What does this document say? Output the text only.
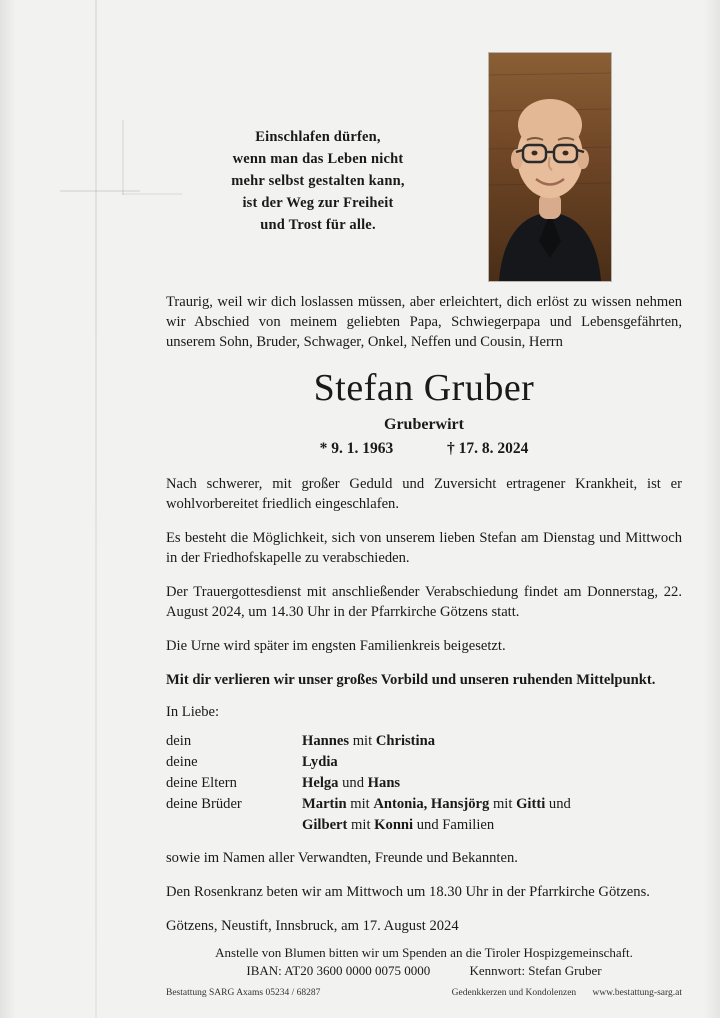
Einschlafen dürfen,
wenn man das Leben nicht
mehr selbst gestalten kann,
ist der Weg zur Freiheit
und Trost für alle.

Traurig, weil wir dich loslassen müssen, aber erleichtert, dich erlöst zu wissen nehmen wir Abschied von meinem geliebten Papa, Schwiegerpapa und Lebensgefährten, unserem Sohn, Bruder, Schwager, Onkel, Neffen und Cousin, Herrn

Stefan Gruber
Gruberwirt
* 9. 1. 1963	† 17. 8. 2024

Nach schwerer, mit großer Geduld und Zuversicht ertragener Krankheit, ist er wohlvorbereitet friedlich eingeschlafen.

Es besteht die Möglichkeit, sich von unserem lieben Stefan am Dienstag und Mittwoch in der Friedhofskapelle zu verabschieden.

Der Trauergottesdienst mit anschließender Verabschiedung findet am Donnerstag, 22. August 2024, um 14.30 Uhr in der Pfarrkirche Götzens statt.

Die Urne wird später im engsten Familienkreis beigesetzt.

Mit dir verlieren wir unser großes Vorbild und unseren ruhenden Mittelpunkt.

In Liebe:

dein	Hannes mit Christina
deine	Lydia
deine Eltern	Helga und Hans
deine Brüder	Martin mit Antonia, Hansjörg mit Gitti und
	Gilbert mit Konni und Familien

sowie im Namen aller Verwandten, Freunde und Bekannten.

Den Rosenkranz beten wir am Mittwoch um 18.30 Uhr in der Pfarrkirche Götzens.

Götzens, Neustift, Innsbruck, am 17. August 2024

Anstelle von Blumen bitten wir um Spenden an die Tiroler Hospizgemeinschaft.
IBAN: AT20 3600 0000 0075 0000	Kennwort: Stefan Gruber
Bestattung SARG Axams 05234 / 68287	Gedenkkerzen und Kondolenzen www.bestattung-sarg.at
